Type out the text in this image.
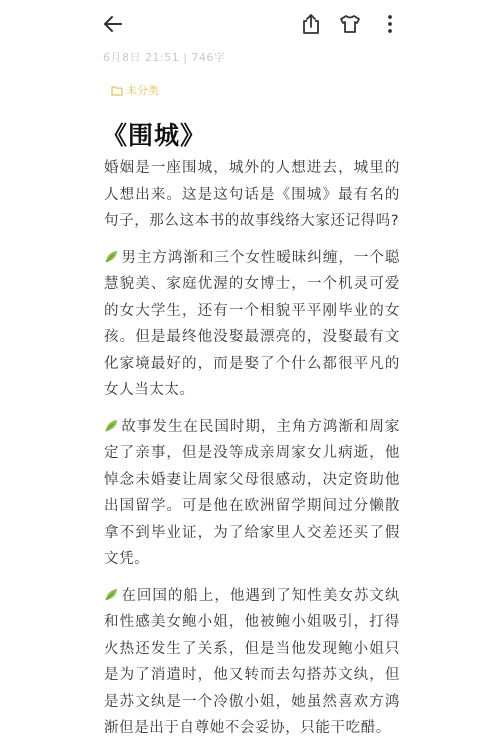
6月8日 21:51 | 746字
未分类
《围城》

婚姻是一座围城，城外的人想进去，城里的人想出来。这是这句话是《围城》最有名的句子，那么这本书的故事线络大家还记得吗?

男主方鸿渐和三个女性暧昧纠缠，一个聪慧貌美、家庭优渥的女博士，一个机灵可爱的女大学生，还有一个相貌平平刚毕业的女孩。但是最终他没娶最漂亮的，没娶最有文化家境最好的，而是娶了个什么都很平凡的女人当太太。

故事发生在民国时期，主角方鸿渐和周家定了亲事，但是没等成亲周家女儿病逝，他悼念未婚妻让周家父母很感动，决定资助他出国留学。可是他在欧洲留学期间过分懒散拿不到毕业证，为了给家里人交差还买了假文凭。

在回国的船上，他遇到了知性美女苏文纨和性感美女鲍小姐，他被鲍小姐吸引，打得火热还发生了关系，但是当他发现鲍小姐只是为了消遣时，他又转而去勾搭苏文纨，但是苏文纨是一个冷傲小姐，她虽然喜欢方鸿渐但是出于自尊她不会妥协，只能干吃醋。
